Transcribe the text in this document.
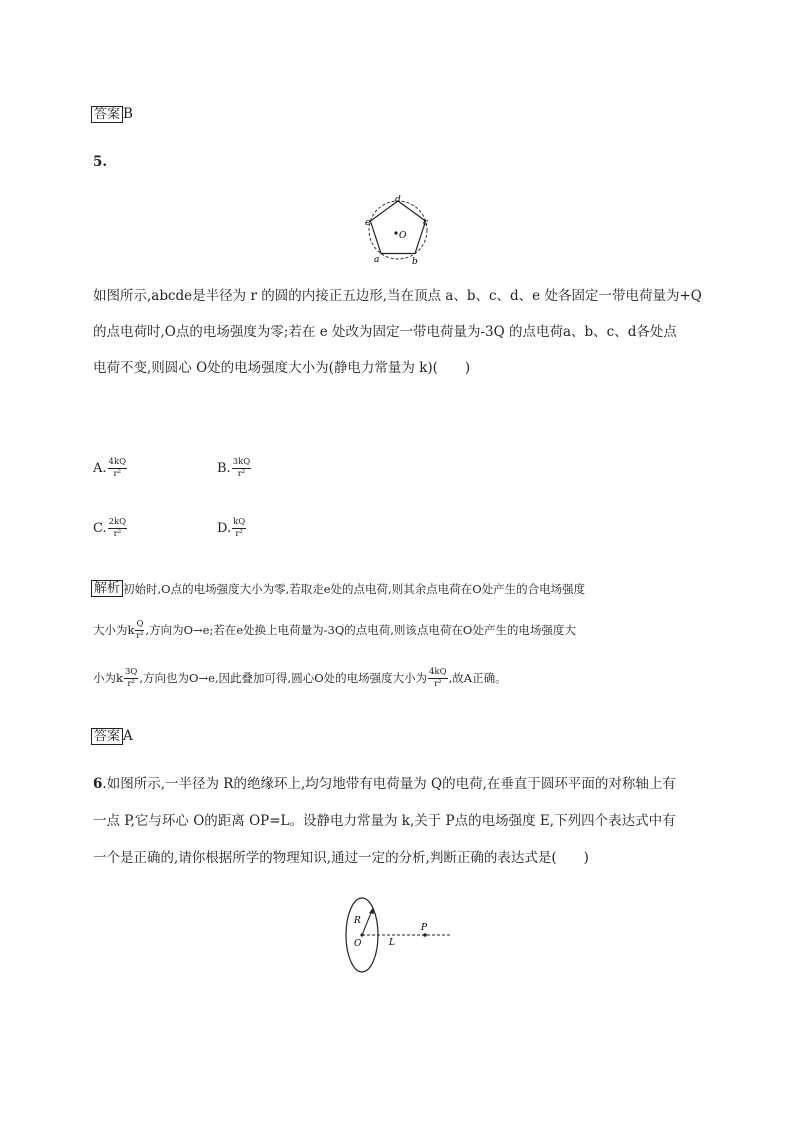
答案 B
5.
d
e	c
O
a	b
如图所示,abcde是半径为 r 的圆的内接正五边形,当在顶点 a、b、c、d、e 处各固定一带电荷量为+Q
的点电荷时,O点的电场强度为零;若在 e 处改为固定一带电荷量为-3Q 的点电荷a、b、c、d各处点
电荷不变,则圆心 O处的电场强度大小为(静电力常量为 k)(　　)
A. $\frac{4kQ}{\text{r²}}$	B. $\frac{3kQ}{\text{r²}}$
C. $\frac{2kQ}{\text{r²}}$	D. $\frac{kQ}{\text{r²}}$
解析 初始时,O点的电场强度大小为零,若取走e处的点电荷,则其余点电荷在O处产生的合电场强度
大小为k $\frac{Q}{\text{r²}}$ ,方向为O→e;若在e处换上电荷量为-3Q的点电荷,则该点电荷在O处产生的电场强度大
小为k $\frac{3Q}{\text{r²}}$ ,方向也为O→e,因此叠加可得,圆心O处的电场强度大小为 $\frac{4kQ}{\text{r²}}$ ,故A正确。
答案 A
6.如图所示,一半径为 R的绝缘环上,均匀地带有电荷量为 Q的电荷,在垂直于圆环平面的对称轴上有
一点 P,它与环心 O的距离 OP=L。设静电力常量为 k,关于 P点的电场强度 E,下列四个表达式中有
一个是正确的,请你根据所学的物理知识,通过一定的分析,判断正确的表达式是(　　)
R
O	L
P
